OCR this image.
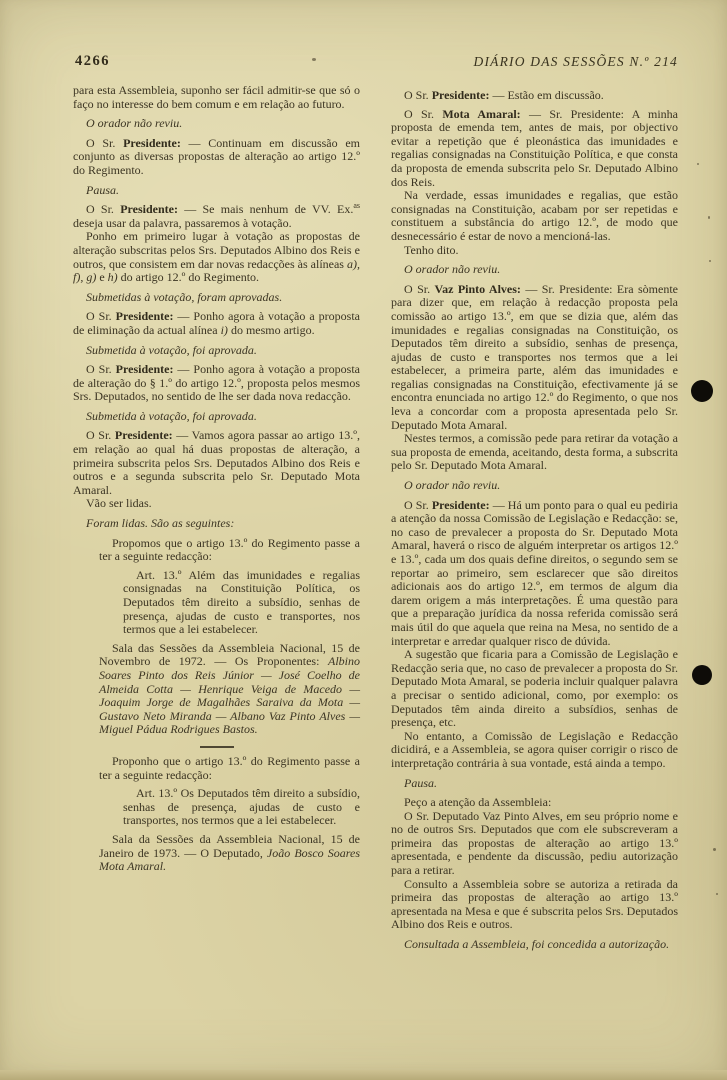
4266	DIÁRIO DAS SESSÕES N.º 214

para esta Assembleia, suponho ser fácil admitir-se que só o faço no interesse do bem comum e em relação ao futuro.

O orador não reviu.

O Sr. Presidente: — Continuam em discussão em conjunto as diversas propostas de alteração ao artigo 12.º do Regimento.

Pausa.

O Sr. Presidente: — Se mais nenhum de VV. Ex.$^{as}$ deseja usar da palavra, passaremos à votação.

Ponho em primeiro lugar à votação as propostas de alteração subscritas pelos Srs. Deputados Albino dos Reis e outros, que consistem em dar novas redacções às alíneas a), f), g) e h) do artigo 12.º do Regimento.

Submetidas à votação, foram aprovadas.

O Sr. Presidente: — Ponho agora à votação a proposta de eliminação da actual alínea i) do mesmo artigo.

Submetida à votação, foi aprovada.

O Sr. Presidente: — Ponho agora à votação a proposta de alteração do § 1.º do artigo 12.º, proposta pelos mesmos Srs. Deputados, no sentido de lhe ser dada nova redacção.

Submetida à votação, foi aprovada.

O Sr. Presidente: — Vamos agora passar ao artigo 13.º, em relação ao qual há duas propostas de alteração, a primeira subscrita pelos Srs. Deputados Albino dos Reis e outros e a segunda subscrita pelo Sr. Deputado Mota Amaral.

Vão ser lidas.

Foram lidas. São as seguintes:

Propomos que o artigo 13.º do Regimento passe a ter a seguinte redacção:

Art. 13.º Além das imunidades e regalias consignadas na Constituição Política, os Deputados têm direito a subsídio, senhas de presença, ajudas de custo e transportes, nos termos que a lei estabelecer.

Sala das Sessões da Assembleia Nacional, 15 de Novembro de 1972. — Os Proponentes: Albino Soares Pinto dos Reis Júnior — José Coelho de Almeida Cotta — Henrique Veiga de Macedo — Joaquim Jorge de Magalhães Saraiva da Mota — Gustavo Neto Miranda — Albano Vaz Pinto Alves — Miguel Pádua Rodrigues Bastos.

Proponho que o artigo 13.º do Regimento passe a ter a seguinte redacção:

Art. 13.º Os Deputados têm direito a subsídio, senhas de presença, ajudas de custo e transportes, nos termos que a lei estabelecer.

Sala da Sessões da Assembleia Nacional, 15 de Janeiro de 1973. — O Deputado, João Bosco Soares Mota Amaral.

O Sr. Presidente: — Estão em discussão.

O Sr. Mota Amaral: — Sr. Presidente: A minha proposta de emenda tem, antes de mais, por objectivo evitar a repetição que é pleonástica das imunidades e regalias consignadas na Constituição Política, e que consta da proposta de emenda subscrita pelo Sr. Deputado Albino dos Reis.

Na verdade, essas imunidades e regalias, que estão consignadas na Constituição, acabam por ser repetidas e constituem a substância do artigo 12.º, de modo que desnecessário é estar de novo a mencioná-las.

Tenho dito.

O orador não reviu.

O Sr. Vaz Pinto Alves: — Sr. Presidente: Era sòmente para dizer que, em relação à redacção proposta pela comissão ao artigo 13.º, em que se dizia que, além das imunidades e regalias consignadas na Constituição, os Deputados têm direito a subsídio, senhas de presença, ajudas de custo e transportes nos termos que a lei estabelecer, a primeira parte, além das imunidades e regalias consignadas na Constituição, efectivamente já se encontra enunciada no artigo 12.º do Regimento, o que nos leva a concordar com a proposta apresentada pelo Sr. Deputado Mota Amaral.

Nestes termos, a comissão pede para retirar da votação a sua proposta de emenda, aceitando, desta forma, a subscrita pelo Sr. Deputado Mota Amaral.

O orador não reviu.

O Sr. Presidente: — Há um ponto para o qual eu pediria a atenção da nossa Comissão de Legislação e Redacção: se, no caso de prevalecer a proposta do Sr. Deputado Mota Amaral, haverá o risco de alguém interpretar os artigos 12.º e 13.º, cada um dos quais define direitos, o segundo sem se reportar ao primeiro, sem esclarecer que são direitos adicionais aos do artigo 12.º, em termos de algum dia darem origem a más interpretações. É uma questão para que a preparação jurídica da nossa referida comissão será mais útil do que aquela que reina na Mesa, no sentido de a interpretar e arredar qualquer risco de dúvida.

A sugestão que ficaria para a Comissão de Legislação e Redacção seria que, no caso de prevalecer a proposta do Sr. Deputado Mota Amaral, se poderia incluir qualquer palavra a precisar o sentido adicional, como, por exemplo: os Deputados têm ainda direito a subsídios, senhas de presença, etc.

No entanto, a Comissão de Legislação e Redacção dicidirá, e a Assembleia, se agora quiser corrigir o risco de interpretação contrária à sua vontade, está ainda a tempo.

Pausa.

Peço a atenção da Assembleia:

O Sr. Deputado Vaz Pinto Alves, em seu próprio nome e no de outros Srs. Deputados que com ele subscreveram a primeira das propostas de alteração ao artigo 13.º apresentada, e pendente da discussão, pediu autorização para a retirar.

Consulto a Assembleia sobre se autoriza a retirada da primeira das propostas de alteração ao artigo 13.º apresentada na Mesa e que é subscrita pelos Srs. Deputados Albino dos Reis e outros.

Consultada a Assembleia, foi concedida a autorização.
